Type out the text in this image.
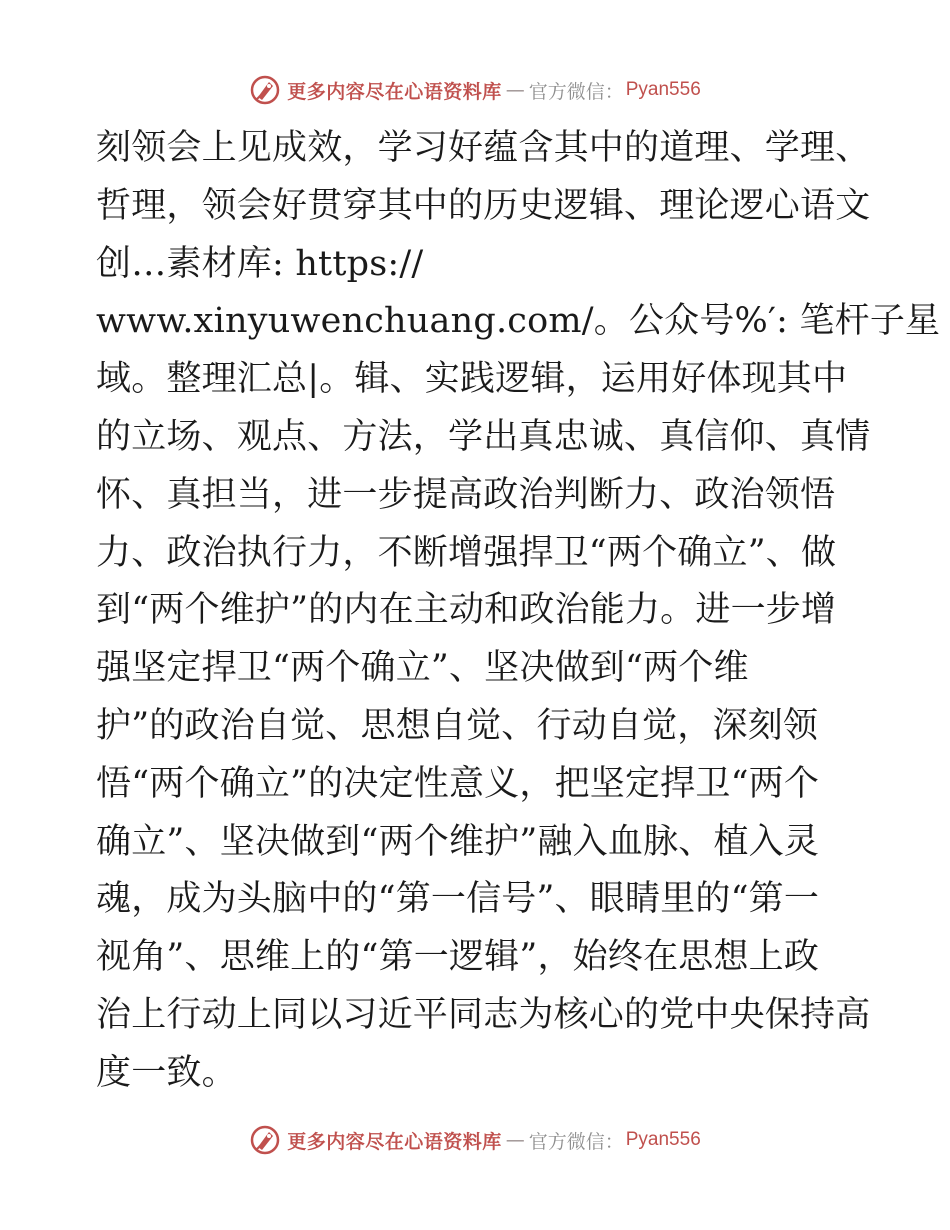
更多内容尽在心语资料库 — 官方微信： Pyan556
刻领会上见成效，学习好蕴含其中的道理、学理、
哲理，领会好贯穿其中的历史逻辑、理论逻心语文
创…素材库: https://
www.xinyuwenchuang.com/。公众号%′: 笔杆子星
域。整理汇总|。辑、实践逻辑，运用好体现其中
的立场、观点、方法，学出真忠诚、真信仰、真情
怀、真担当，进一步提高政治判断力、政治领悟
力、政治执行力，不断增强捍卫“两个确立”、做
到“两个维护”的内在主动和政治能力。进一步增
强坚定捍卫“两个确立”、坚决做到“两个维
护”的政治自觉、思想自觉、行动自觉，深刻领
悟“两个确立”的决定性意义，把坚定捍卫“两个
确立”、坚决做到“两个维护”融入血脉、植入灵
魂，成为头脑中的“第一信号”、眼睛里的“第一
视角”、思维上的“第一逻辑”，始终在思想上政
治上行动上同以习近平同志为核心的党中央保持高
度一致。
更多内容尽在心语资料库 — 官方微信： Pyan556
